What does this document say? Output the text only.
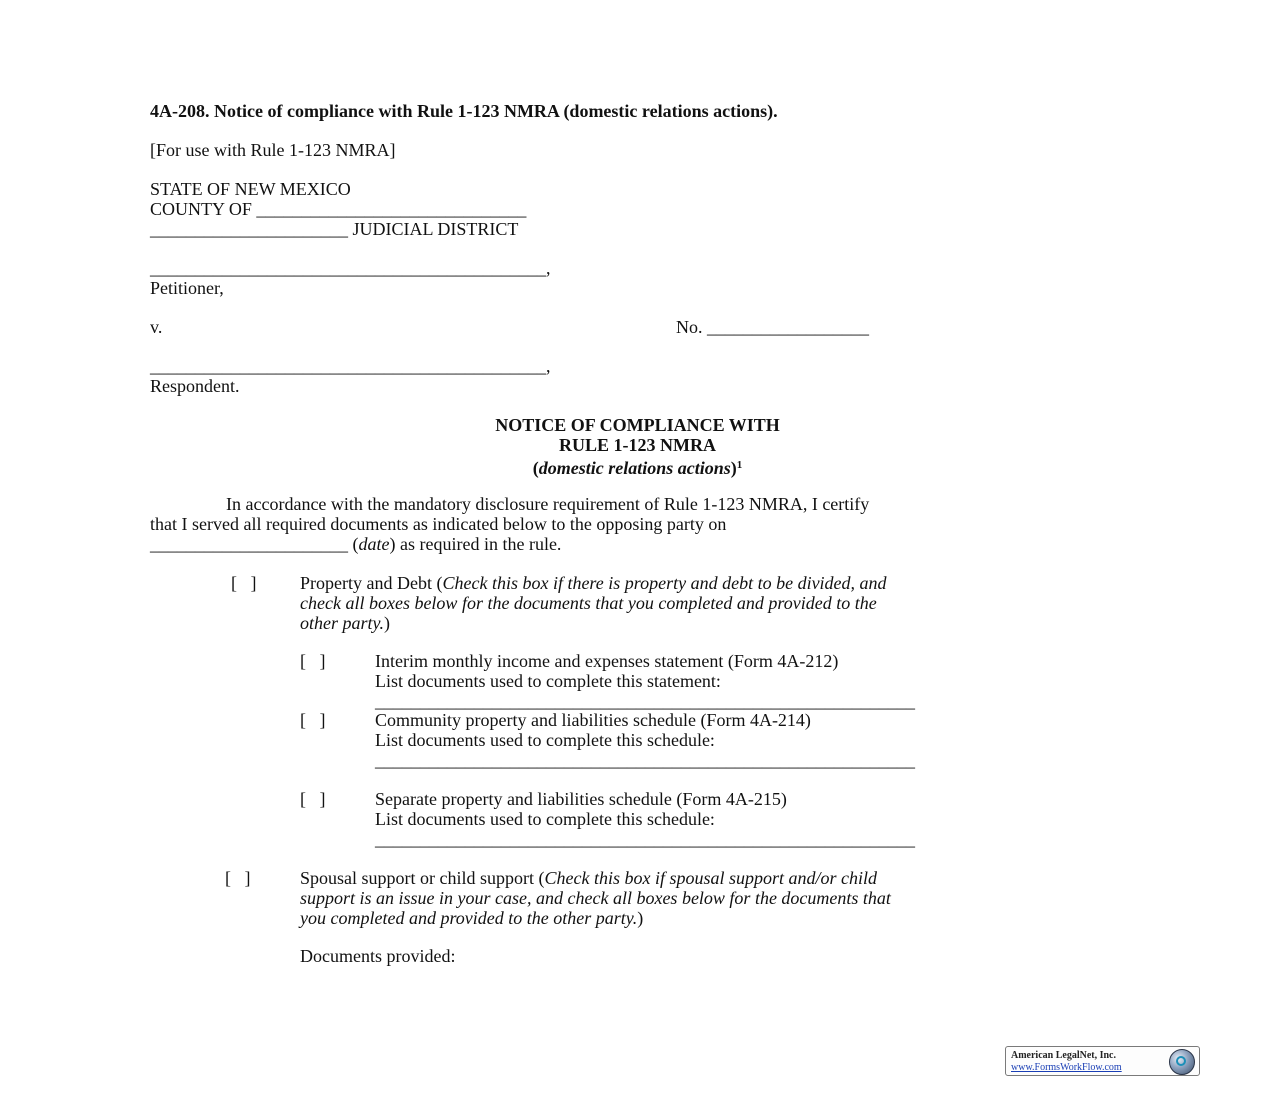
4A-208. Notice of compliance with Rule 1-123 NMRA (domestic relations actions).
[For use with Rule 1-123 NMRA]
STATE OF NEW MEXICO
COUNTY OF ______________________________
______________________ JUDICIAL DISTRICT
____________________________________________,
Petitioner,
v.	No. __________________
____________________________________________,
Respondent.
NOTICE OF COMPLIANCE WITH
RULE 1-123 NMRA
(domestic relations actions)$^1$
In accordance with the mandatory disclosure requirement of Rule 1-123 NMRA, I certify
that I served all required documents as indicated below to the opposing party on
______________________ (date) as required in the rule.
[   ] Property and Debt (Check this box if there is property and debt to be divided, and
check all boxes below for the documents that you completed and provided to the
other party.)
[   ]	Interim monthly income and expenses statement (Form 4A-212)
List documents used to complete this statement:
____________________________________________________________
[   ]	Community property and liabilities schedule (Form 4A-214)
List documents used to complete this schedule:
____________________________________________________________
[   ]	Separate property and liabilities schedule (Form 4A-215)
List documents used to complete this schedule:
____________________________________________________________
[   ]	Spousal support or child support (Check this box if spousal support and/or child
support is an issue in your case, and check all boxes below for the documents that
you completed and provided to the other party.)
Documents provided:
American LegalNet, Inc.
www.FormsWorkFlow.com
